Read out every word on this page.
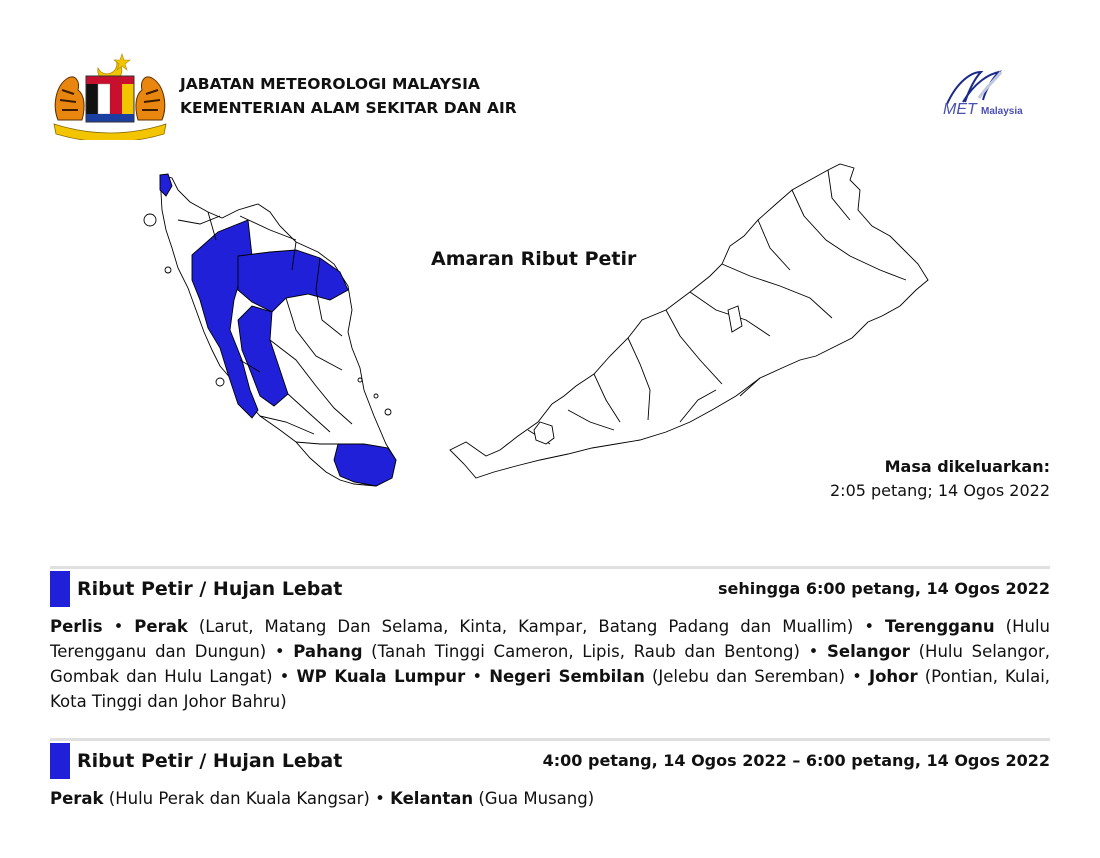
JABATAN METEOROLOGI MALAYSIA
KEMENTERIAN ALAM SEKITAR DAN AIR	MET Malaysia
Amaran Ribut Petir
Masa dikeluarkan:
2:05 petang; 14 Ogos 2022
Ribut Petir / Hujan Lebat	sehingga 6:00 petang, 14 Ogos 2022
Perlis • Perak (Larut, Matang Dan Selama, Kinta, Kampar, Batang Padang dan Muallim) • Terengganu (Hulu Terengganu dan Dungun) • Pahang (Tanah Tinggi Cameron, Lipis, Raub dan Bentong) • Selangor (Hulu Selangor, Gombak dan Hulu Langat) • WP Kuala Lumpur • Negeri Sembilan (Jelebu dan Seremban) • Johor (Pontian, Kulai, Kota Tinggi dan Johor Bahru)
Ribut Petir / Hujan Lebat	4:00 petang, 14 Ogos 2022 – 6:00 petang, 14 Ogos 2022
Perak (Hulu Perak dan Kuala Kangsar) • Kelantan (Gua Musang)
